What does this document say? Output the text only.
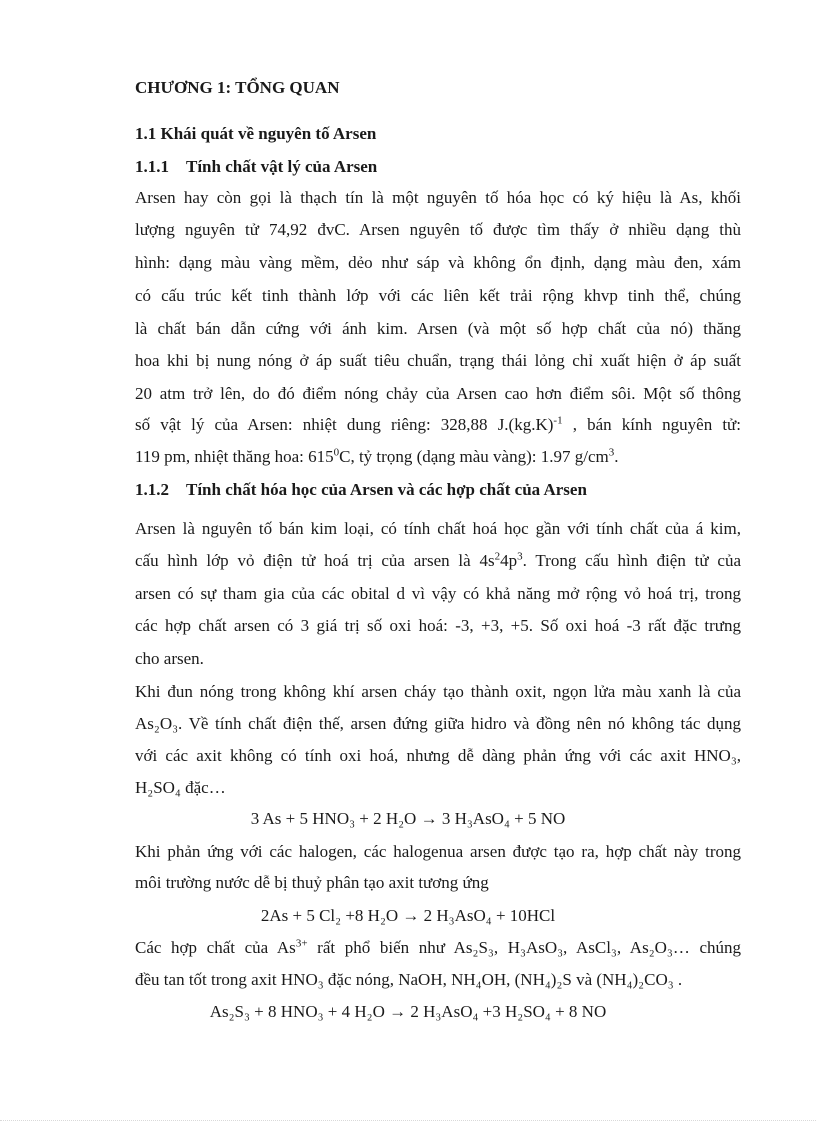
CHƯƠNG 1: TỔNG QUAN
1.1 Khái quát về nguyên tố Arsen
1.1.1 Tính chất vật lý của Arsen
Arsen hay còn gọi là thạch tín là một nguyên tố hóa học có ký hiệu là As, khối
lượng nguyên tử 74,92 đvC. Arsen nguyên tố được tìm thấy ở nhiều dạng thù
hình: dạng màu vàng mềm, dẻo như sáp và không ổn định, dạng màu đen, xám
có cấu trúc kết tinh thành lớp với các liên kết trải rộng khvp tinh thể, chúng
là chất bán dẫn cứng với ánh kim. Arsen (và một số hợp chất của nó) thăng
hoa khi bị nung nóng ở áp suất tiêu chuẩn, trạng thái lỏng chỉ xuất hiện ở áp suất
20 atm trở lên, do đó điểm nóng chảy của Arsen cao hơn điểm sôi. Một số thông
số vật lý của Arsen: nhiệt dung riêng: 328,88 $J.(kg.K)^{-1}$ , bán kính nguyên tử:
119 pm, nhiệt thăng hoa: $615^0C$, tỷ trọng (dạng màu vàng): 1.97 $g/cm^3$.
1.1.2 Tính chất hóa học của Arsen và các hợp chất của Arsen
Arsen là nguyên tố bán kim loại, có tính chất hoá học gần với tính chất của á kim,
cấu hình lớp vỏ điện tử hoá trị của arsen là $4s^24p^3$. Trong cấu hình điện tử của
arsen có sự tham gia của các obital d vì vậy có khả năng mở rộng vỏ hoá trị, trong
các hợp chất arsen có 3 giá trị số oxi hoá: -3, +3, +5. Số oxi hoá -3 rất đặc trưng
cho arsen.
Khi đun nóng trong không khí arsen cháy tạo thành oxit, ngọn lửa màu xanh là của
As₂O₃. Về tính chất điện thế, arsen đứng giữa hidro và đồng nên nó không tác dụng
với các axit không có tính oxi hoá, nhưng dễ dàng phản ứng với các axit HNO₃,
H₂SO₄ đặc…
3 As + 5 HNO₃ + 2 H₂O → 3 H₃AsO₄ + 5 NO
Khi phản ứng với các halogen, các halogenua arsen được tạo ra, hợp chất này trong
môi trường nước dễ bị thuỷ phân tạo axit tương ứng
2As + 5 Cl₂ +8 H₂O → 2 H₃AsO₄ + 10HCl
Các hợp chất của $As^{3+}$ rất phổ biến như As₂S₃, H₃AsO₃, AsCl₃, As₂O₃… chúng
đều tan tốt trong axit HNO₃ đặc nóng, NaOH, NH₄OH, (NH₄)₂S và (NH₄)₂CO₃ .
As₂S₃ + 8 HNO₃ + 4 H₂O → 2 H₃AsO₄ +3 H₂SO₄ + 8 NO
